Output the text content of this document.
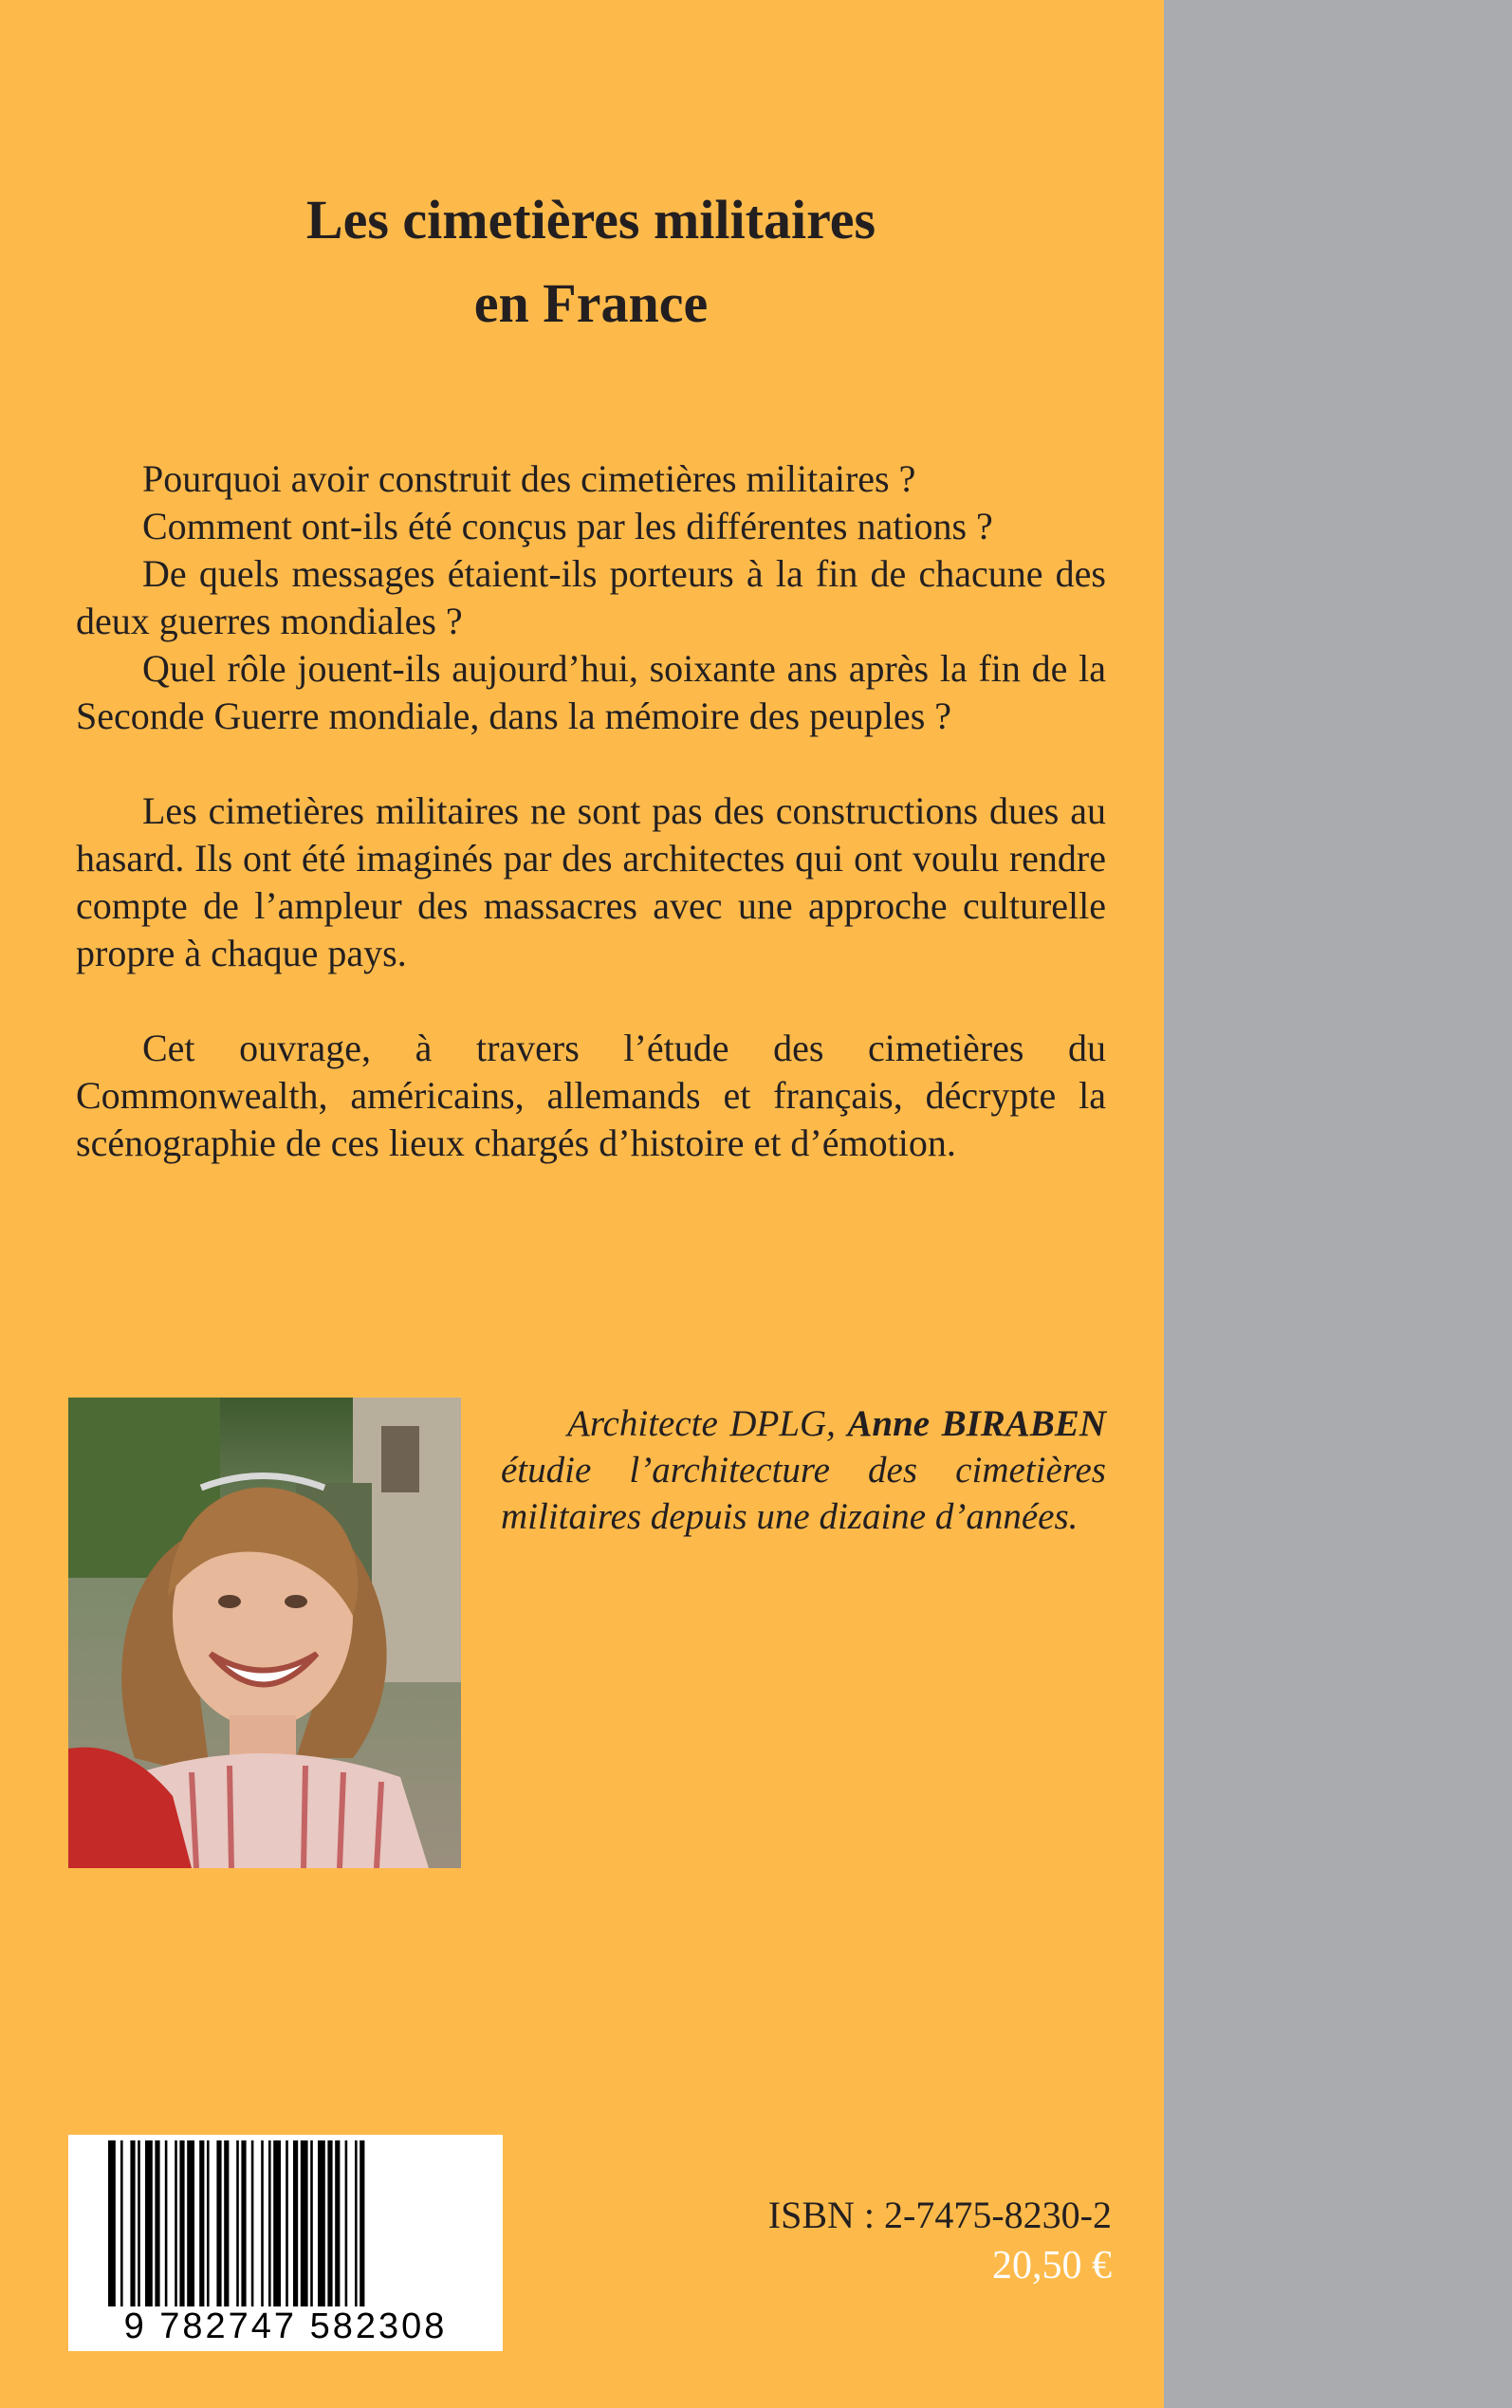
Les cimetières militaires
en France

Pourquoi avoir construit des cimetières militaires ?

Comment ont-ils été conçus par les différentes nations ?

De quels messages étaient-ils porteurs à la fin de chacune des deux guerres mondiales ?

Quel rôle jouent-ils aujourd’hui, soixante ans après la fin de la Seconde Guerre mondiale, dans la mémoire des peuples ?

Les cimetières militaires ne sont pas des constructions dues au hasard. Ils ont été imaginés par des architectes qui ont voulu rendre compte de l’ampleur des massacres avec une approche culturelle propre à chaque pays.

Cet ouvrage, à travers l’étude des cimetières du Commonwealth, américains, allemands et français, décrypte la scénographie de ces lieux chargés d’histoire et d’émotion.

Architecte DPLG, Anne BIRABEN étudie l’architecture des cimetières militaires depuis une dizaine d’années.

9 782747 582308
ISBN : 2-7475-8230-2
20,50 €
